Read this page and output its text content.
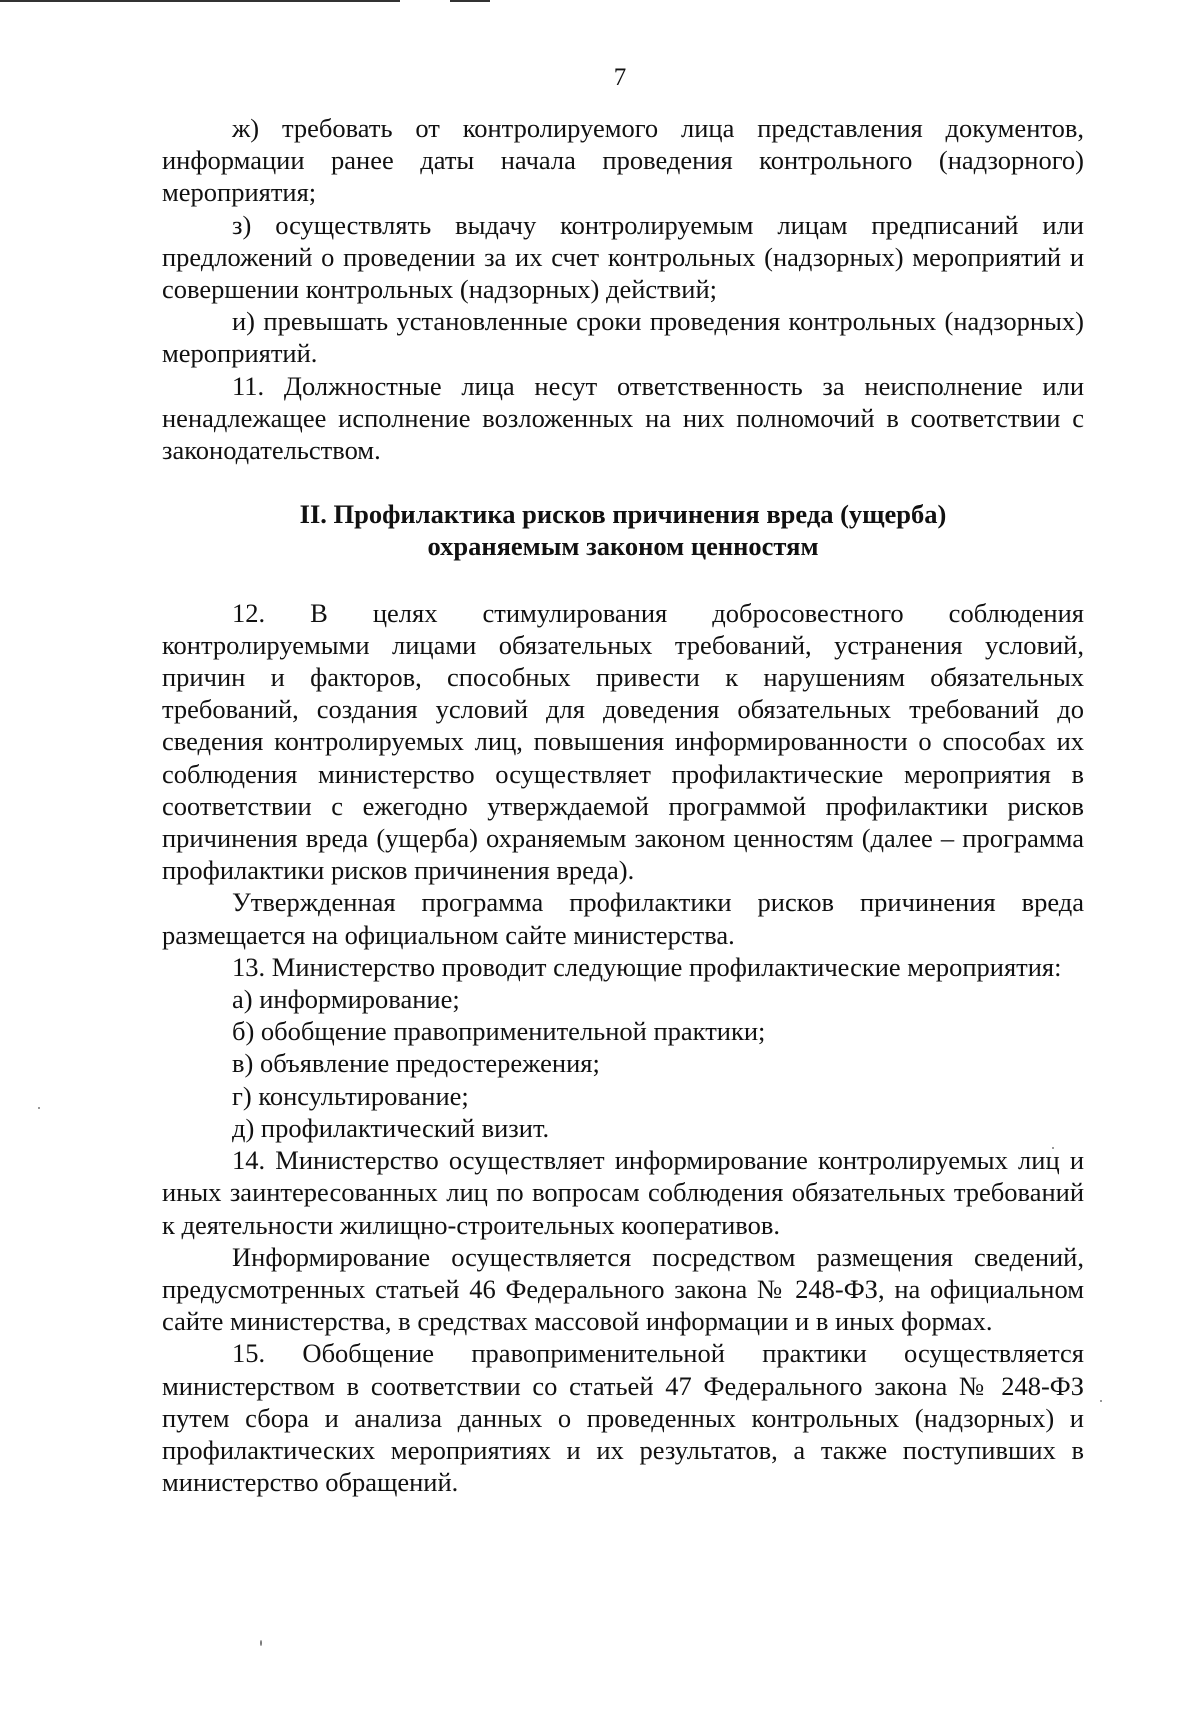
7

ж) требовать от контролируемого лица представления документов, информации ранее даты начала проведения контрольного (надзорного) мероприятия;

з) осуществлять выдачу контролируемым лицам предписаний или предложений о проведении за их счет контрольных (надзорных) мероприятий и совершении контрольных (надзорных) действий;

и) превышать установленные сроки проведения контрольных (надзорных) мероприятий.

11. Должностные лица несут ответственность за неисполнение или ненадлежащее исполнение возложенных на них полномочий в соответствии с законодательством.

II. Профилактика рисков причинения вреда (ущерба)
охраняемым законом ценностям

12. В целях стимулирования добросовестного соблюдения контролируемыми лицами обязательных требований, устранения условий, причин и факторов, способных привести к нарушениям обязательных требований, создания условий для доведения обязательных требований до сведения контролируемых лиц, повышения информированности о способах их соблюдения министерство осуществляет профилактические мероприятия в соответствии с ежегодно утверждаемой программой профилактики рисков причинения вреда (ущерба) охраняемым законом ценностям (далее – программа профилактики рисков причинения вреда).

Утвержденная программа профилактики рисков причинения вреда размещается на официальном сайте министерства.

13. Министерство проводит следующие профилактические мероприятия:

а) информирование;

б) обобщение правоприменительной практики;

в) объявление предостережения;

г) консультирование;

д) профилактический визит.

14. Министерство осуществляет информирование контролируемых лиц и иных заинтересованных лиц по вопросам соблюдения обязательных требований к деятельности жилищно-строительных кооперативов.

Информирование осуществляется посредством размещения сведений, предусмотренных статьей 46 Федерального закона № 248-ФЗ, на официальном сайте министерства, в средствах массовой информации и в иных формах.

15. Обобщение правоприменительной практики осуществляется министерством в соответствии со статьей 47 Федерального закона № 248-ФЗ путем сбора и анализа данных о проведенных контрольных (надзорных) и профилактических мероприятиях и их результатов, а также поступивших в министерство обращений.
